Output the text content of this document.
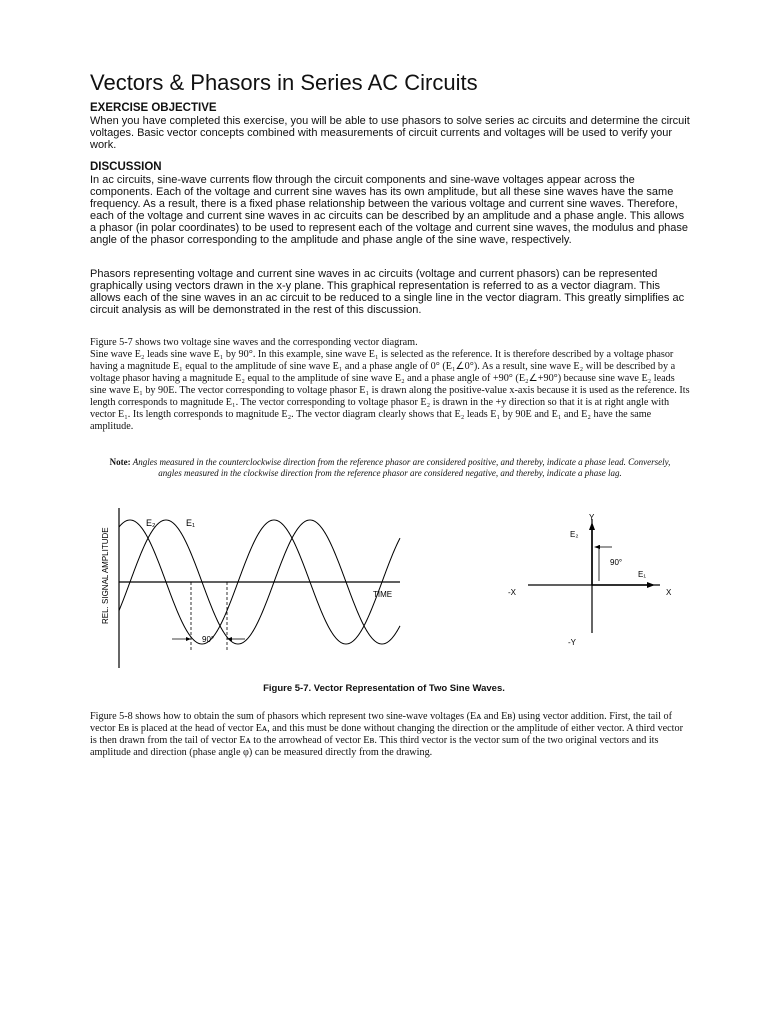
Vectors & Phasors in Series AC Circuits
EXERCISE OBJECTIVE

When you have completed this exercise, you will be able to use phasors to solve series ac circuits and determine the circuit voltages. Basic vector concepts combined with measurements of circuit currents and voltages will be used to verify your work.

DISCUSSION

In ac circuits, sine-wave currents flow through the circuit components and sine-wave voltages appear across the components. Each of the voltage and current sine waves has its own amplitude, but all these sine waves have the same frequency. As a result, there is a fixed phase relationship between the various voltage and current sine waves. Therefore, each of the voltage and current sine waves in ac circuits can be described by an amplitude and a phase angle. This allows a phasor (in polar coordinates) to be used to represent each of the voltage and current sine waves, the modulus and phase angle of the phasor corresponding to the amplitude and phase angle of the sine wave, respectively.

Phasors representing voltage and current sine waves in ac circuits (voltage and current phasors) can be represented graphically using vectors drawn in the x-y plane. This graphical representation is referred to as a vector diagram. This allows each of the sine waves in an ac circuit to be reduced to a single line in the vector diagram. This greatly simplifies ac circuit analysis as will be demonstrated in the rest of this discussion.

Figure 5-7 shows two voltage sine waves and the corresponding vector diagram.
Sine wave E₂ leads sine wave E₁ by 90°. In this example, sine wave E₁ is selected as the reference. It is therefore described by a voltage phasor having a magnitude E₁ equal to the amplitude of sine wave E₁ and a phase angle of 0° (E₁∠0°). As a result, sine wave E₂ will be described by a voltage phasor having a magnitude E₂ equal to the amplitude of sine wave E₂ and a phase angle of +90° (E₂∠+90°) because sine wave E₂ leads sine wave E₁ by 90E. The vector corresponding to voltage phasor E₁ is drawn along the positive-value x-axis because it is used as the reference. Its length corresponds to magnitude E₁. The vector corresponding to voltage phasor E₂ is drawn in the +y direction so that it is at right angle with vector E₁. Its length corresponds to magnitude E₂. The vector diagram clearly shows that E₂ leads E₁ by 90E and E₁ and E₂ have the same amplitude.

Note: Angles measured in the counterclockwise direction from the reference phasor are considered positive, and thereby, indicate a phase lead. Conversely, angles measured in the clockwise direction from the reference phasor are considered negative, and thereby, indicate a phase lag.
REL. SIGNAL AMPLITUDE
E₂	E₁
TIME
90°
90°
Y
E₂
E₁
-X	X
-Y
Figure 5-7. Vector Representation of Two Sine Waves.

Figure 5-8 shows how to obtain the sum of phasors which represent two sine-wave voltages (Eᴀ and Eʙ) using vector addition. First, the tail of vector Eʙ is placed at the head of vector Eᴀ, and this must be done without changing the direction or the amplitude of either vector. A third vector is then drawn from the tail of vector Eᴀ to the arrowhead of vector Eʙ. This third vector is the vector sum of the two original vectors and its amplitude and direction (phase angle φ) can be measured directly from the drawing.
